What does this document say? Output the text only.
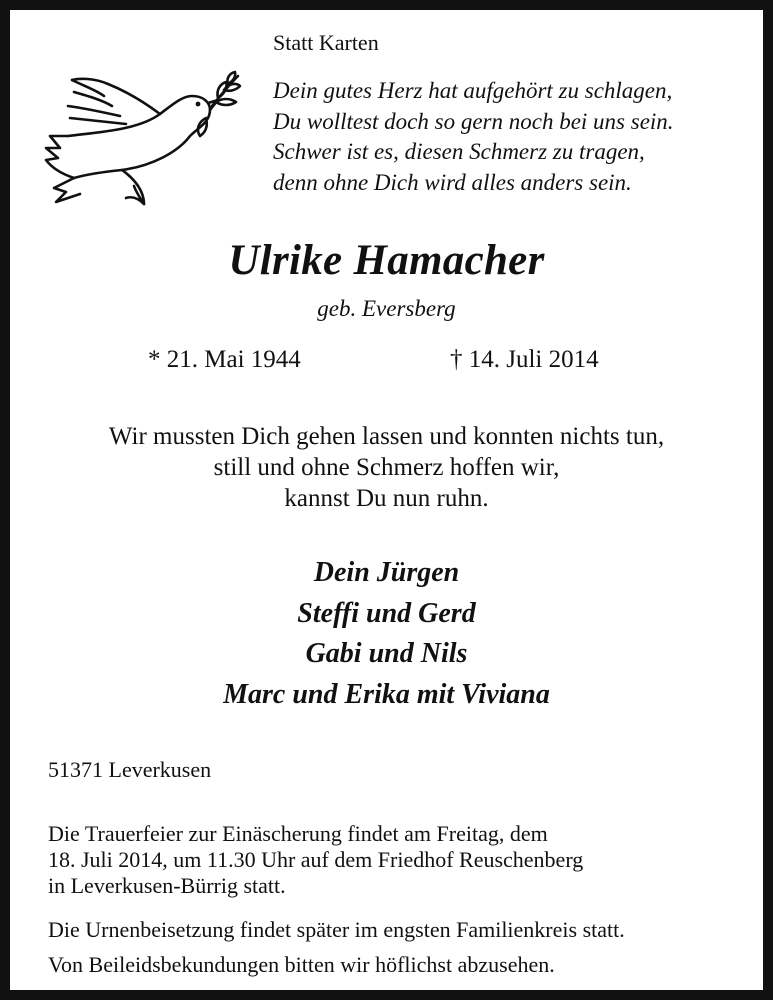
Statt Karten
Dein gutes Herz hat aufgehört zu schlagen,
Du wolltest doch so gern noch bei uns sein.
Schwer ist es, diesen Schmerz zu tragen,
denn ohne Dich wird alles anders sein.
Ulrike Hamacher
geb. Eversberg
* 21. Mai 1944	† 14. Juli 2014
Wir mussten Dich gehen lassen und konnten nichts tun,
still und ohne Schmerz hoffen wir,
kannst Du nun ruhn.
Dein Jürgen
Steffi und Gerd
Gabi und Nils
Marc und Erika mit Viviana
51371 Leverkusen
Die Trauerfeier zur Einäscherung findet am Freitag, dem
18. Juli 2014, um 11.30 Uhr auf dem Friedhof Reuschenberg
in Leverkusen-Bürrig statt.
Die Urnenbeisetzung findet später im engsten Familienkreis statt.
Von Beileidsbekundungen bitten wir höflichst abzusehen.
